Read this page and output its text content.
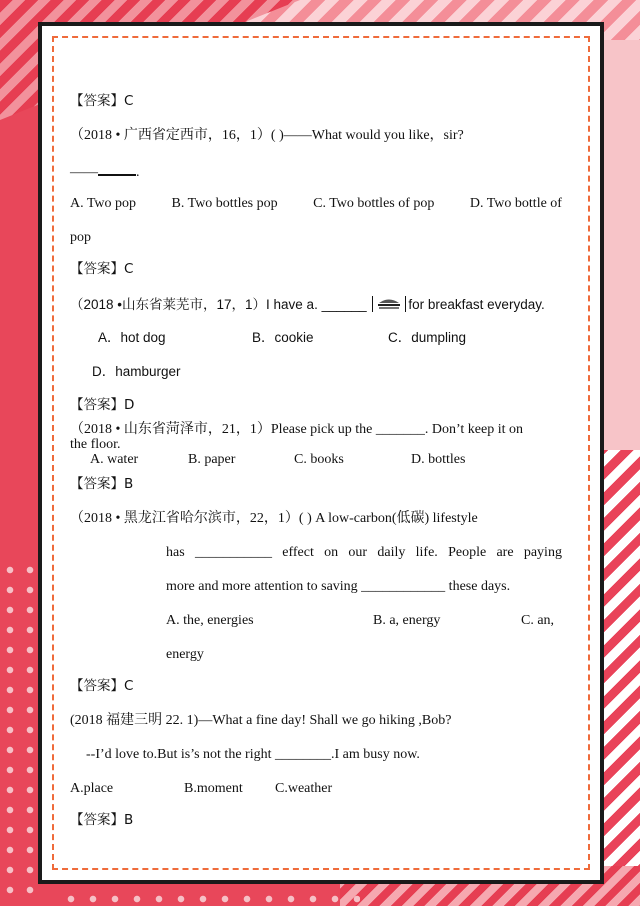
【答案】C
（2018 • 广西省定西市，16，1）( )——What would you like，sir?
——	.
A. Two pop	B. Two bottles pop	C. Two bottles of pop	D. Two bottle of
pop
【答案】C
（2018 •山东省莱芜市，17，1）I have a. ______	for breakfast everyday.
A．hot dog	B．cookie	C．dumpling
D．hamburger
【答案】D
（2018 • 山东省菏泽市，21，1）Please pick up the _______. Don’t keep it on
the floor.
A. water	B. paper	C. books	D. bottles
【答案】B
（2018 • 黑龙江省哈尔滨市，22，1）( ) A low-carbon(低碳) lifestyle
has ___________ effect on our daily life. People are paying
more and more attention to saving ____________ these days.
A. the, energies	B. a, energy	C. an,
energy
【答案】C
(2018 福建三明 22. 1)—What a fine day! Shall we go hiking ,Bob?
--I’d love to.But is’s not the right ________.I am busy now.
A.place	B.moment C.weather
【答案】B
